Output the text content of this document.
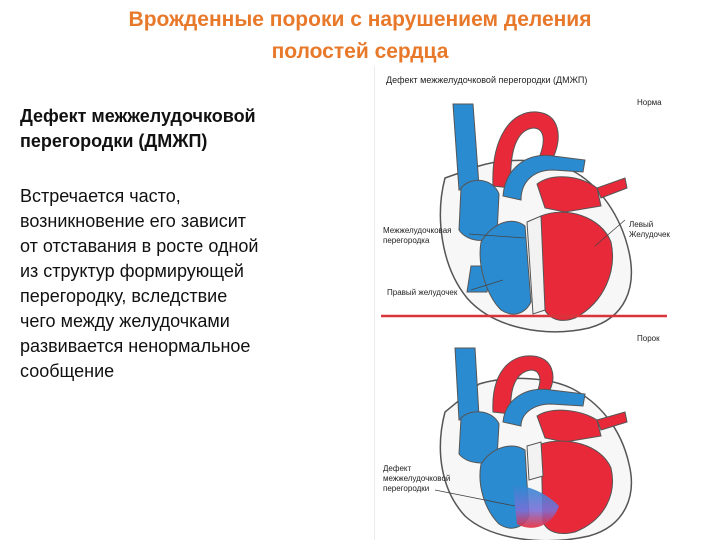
Врожденные пороки с нарушением деления
полостей сердца
Дефект межжелудочковой
перегородки (ДМЖП)
Встречается часто,
возникновение его зависит
от отставания в росте одной
из структур формирующей
перегородку, вследствие
чего между желудочками
развивается ненормальное
сообщение
Дефект межжелудочковой перегородки (ДМЖП)
Норма
Межжелудочковая
перегородка
Правый желудочек
Левый
Желудочек
Порок
Дефект
межжелудочковой
перегородки
